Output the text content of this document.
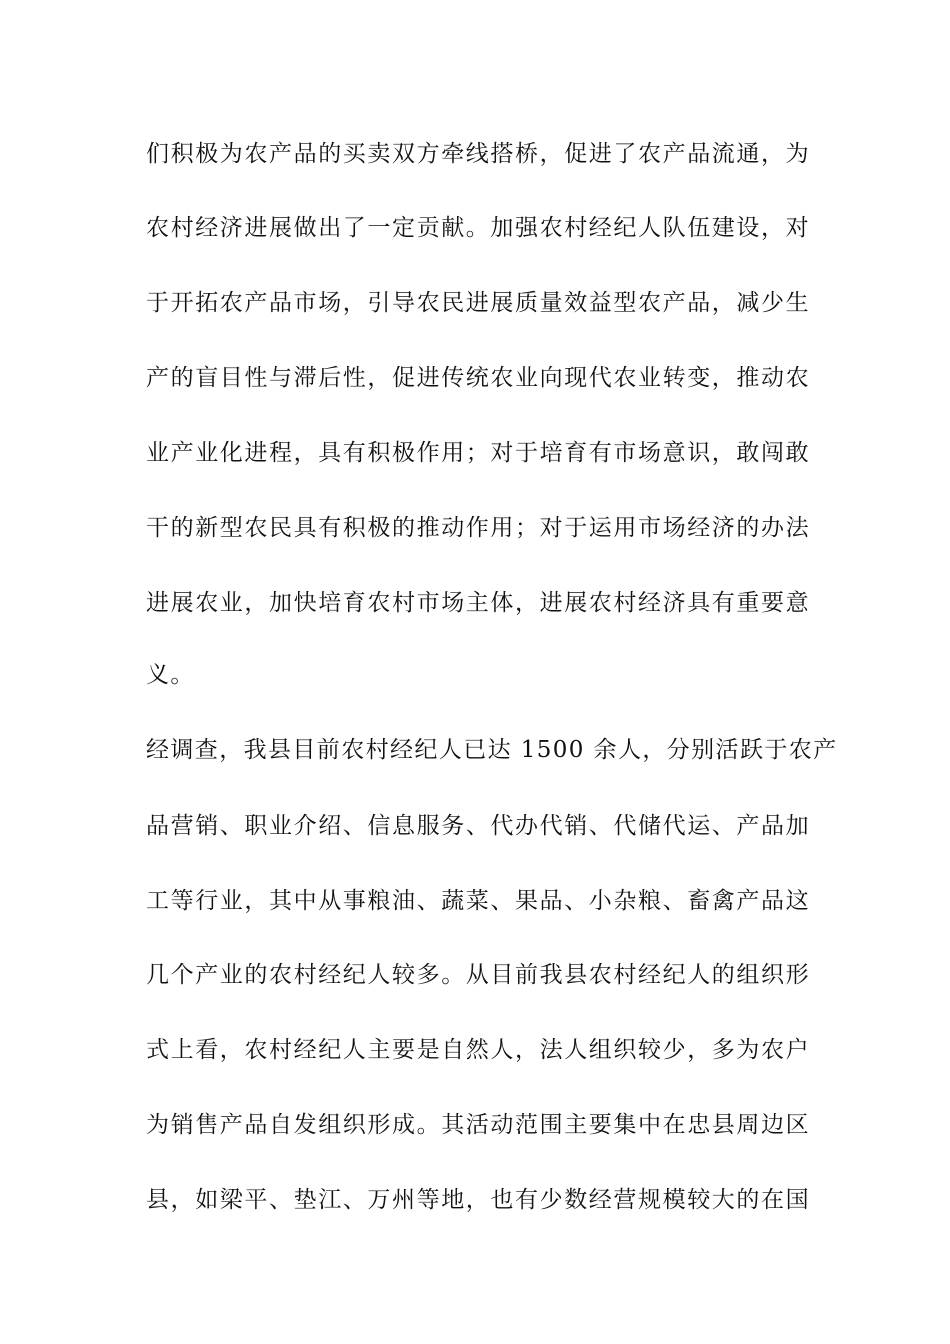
们积极为农产品的买卖双方牵线搭桥，促进了农产品流通，为
农村经济进展做出了一定贡献。加强农村经纪人队伍建设，对
于开拓农产品市场，引导农民进展质量效益型农产品，减少生
产的盲目性与滞后性，促进传统农业向现代农业转变，推动农
业产业化进程，具有积极作用；对于培育有市场意识，敢闯敢
干的新型农民具有积极的推动作用；对于运用市场经济的办法
进展农业，加快培育农村市场主体，进展农村经济具有重要意
义。
经调查，我县目前农村经纪人已达 1500 余人，分别活跃于农产
品营销、职业介绍、信息服务、代办代销、代储代运、产品加
工等行业，其中从事粮油、蔬菜、果品、小杂粮、畜禽产品这
几个产业的农村经纪人较多。从目前我县农村经纪人的组织形
式上看，农村经纪人主要是自然人，法人组织较少，多为农户
为销售产品自发组织形成。其活动范围主要集中在忠县周边区
县，如梁平、垫江、万州等地，也有少数经营规模较大的在国
